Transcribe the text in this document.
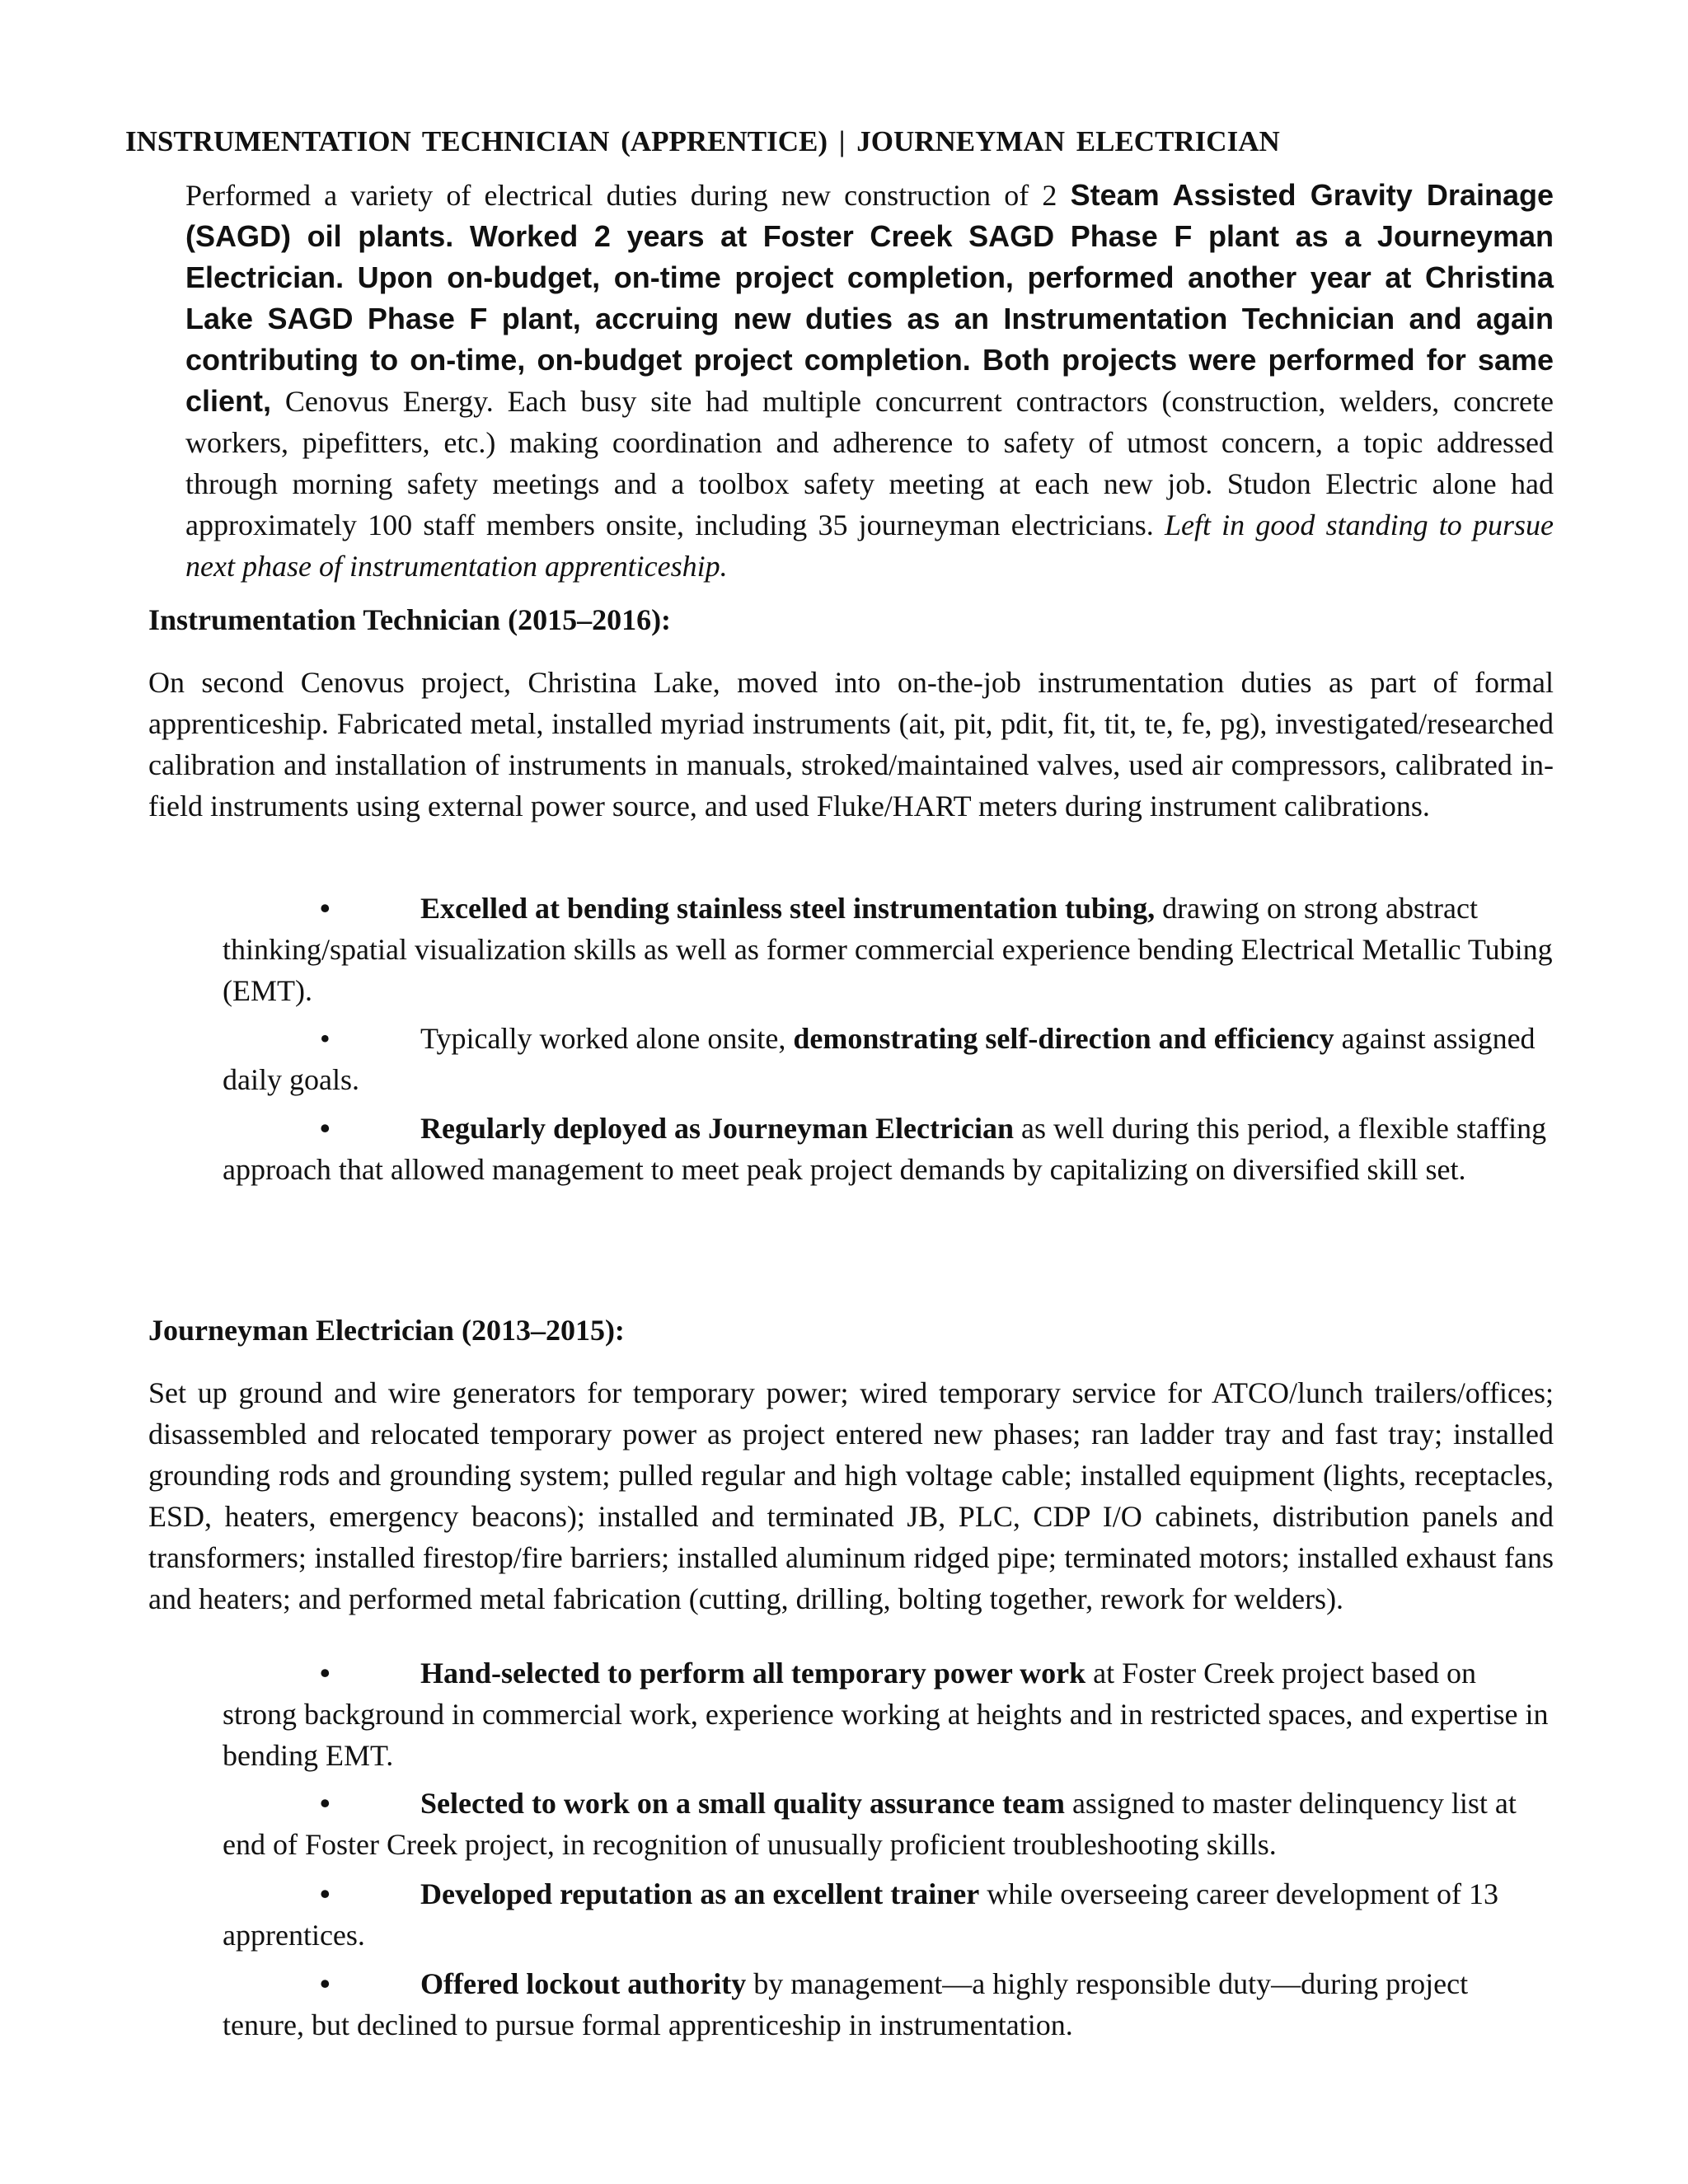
INSTRUMENTATION TECHNICIAN (APPRENTICE) | JOURNEYMAN ELECTRICIAN

Performed a variety of electrical duties during new construction of 2 Steam Assisted Gravity Drainage (SAGD) oil plants. Worked 2 years at Foster Creek SAGD Phase F plant as a Journeyman Electrician. Upon on-budget, on-time project completion, performed another year at Christina Lake SAGD Phase F plant, accruing new duties as an Instrumentation Technician and again contributing to on-time, on-budget project completion. Both projects were performed for same client, Cenovus Energy. Each busy site had multiple concurrent contractors (construction, welders, concrete workers, pipefitters, etc.) making coordination and adherence to safety of utmost concern, a topic addressed through morning safety meetings and a toolbox safety meeting at each new job. Studon Electric alone had approximately 100 staff members onsite, including 35 journeyman electricians. Left in good standing to pursue next phase of instrumentation apprenticeship.

Instrumentation Technician (2015–2016):

On second Cenovus project, Christina Lake, moved into on-the-job instrumentation duties as part of formal apprenticeship. Fabricated metal, installed myriad instruments (ait, pit, pdit, fit, tit, te, fe, pg), investigated/researched calibration and installation of instruments in manuals, stroked/maintained valves, used air compressors, calibrated in-field instruments using external power source, and used Fluke/HART meters during instrument calibrations.

•	Excelled at bending stainless steel instrumentation tubing, drawing on strong abstract thinking/spatial visualization skills as well as former commercial experience bending Electrical Metallic Tubing (EMT).

•	Typically worked alone onsite, demonstrating self-direction and efficiency against assigned daily goals.

•	Regularly deployed as Journeyman Electrician as well during this period, a flexible staffing approach that allowed management to meet peak project demands by capitalizing on diversified skill set.

Journeyman Electrician (2013–2015):

Set up ground and wire generators for temporary power; wired temporary service for ATCO/lunch trailers/offices; disassembled and relocated temporary power as project entered new phases; ran ladder tray and fast tray; installed grounding rods and grounding system; pulled regular and high voltage cable; installed equipment (lights, receptacles, ESD, heaters, emergency beacons); installed and terminated JB, PLC, CDP I/O cabinets, distribution panels and transformers; installed firestop/fire barriers; installed aluminum ridged pipe; terminated motors; installed exhaust fans and heaters; and performed metal fabrication (cutting, drilling, bolting together, rework for welders).

•	Hand-selected to perform all temporary power work at Foster Creek project based on strong background in commercial work, experience working at heights and in restricted spaces, and expertise in bending EMT.

•	Selected to work on a small quality assurance team assigned to master delinquency list at end of Foster Creek project, in recognition of unusually proficient troubleshooting skills.

•	Developed reputation as an excellent trainer while overseeing career development of 13 apprentices.

•	Offered lockout authority by management—a highly responsible duty—during project tenure, but declined to pursue formal apprenticeship in instrumentation.
